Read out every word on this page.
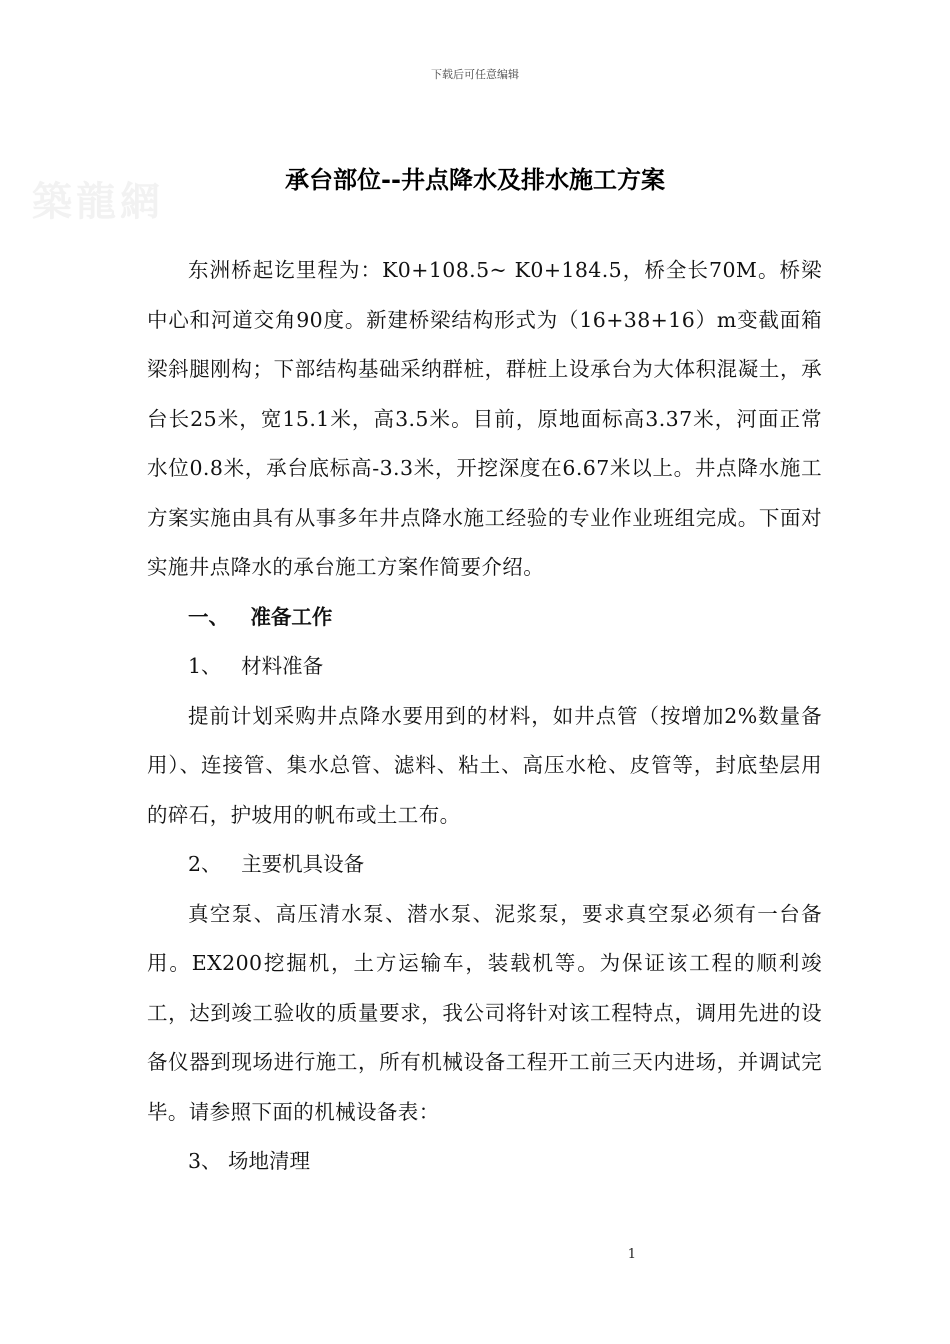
下载后可任意编辑
築龍網	承台部位--井点降水及排水施工方案

东洲桥起讫里程为：K0+108.5~ K0+184.5，桥全长70M。桥梁中心和河道交角90度。新建桥梁结构形式为（16+38+16）m变截面箱梁斜腿刚构；下部结构基础采纳群桩，群桩上设承台为大体积混凝土，承台长25米，宽15.1米，高3.5米。目前，原地面标高3.37米，河面正常水位0.8米，承台底标高-3.3米，开挖深度在6.67米以上。井点降水施工方案实施由具有从事多年井点降水施工经验的专业作业班组完成。下面对实施井点降水的承台施工方案作简要介绍。

一、   准备工作

1、   材料准备

提前计划采购井点降水要用到的材料，如井点管（按增加2%数量备用）、连接管、集水总管、滤料、粘土、高压水枪、皮管等，封底垫层用的碎石，护坡用的帆布或土工布。

2、   主要机具设备

真空泵、高压清水泵、潜水泵、泥浆泵，要求真空泵必须有一台备用。EX200挖掘机，土方运输车，装载机等。为保证该工程的顺利竣工，达到竣工验收的质量要求，我公司将针对该工程特点，调用先进的设备仪器到现场进行施工，所有机械设备工程开工前三天内进场，并调试完毕。请参照下面的机械设备表：

3、 场地清理

1
